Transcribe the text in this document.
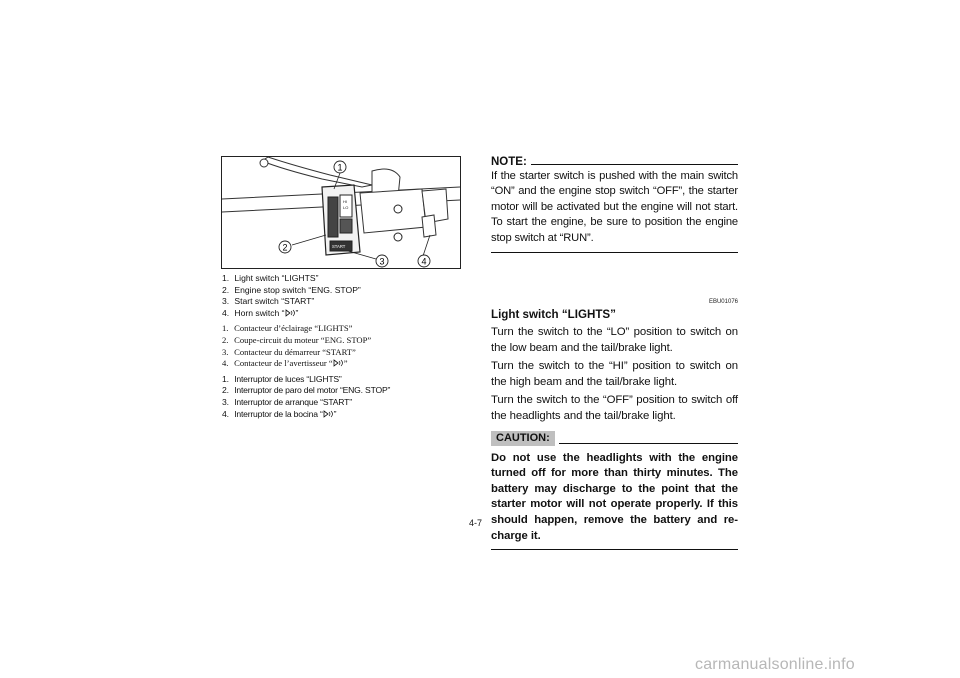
HI
LO
START
1
2
3	4
1. Light switch “LIGHTS”
2. Engine stop switch “ENG. STOP”
3. Start switch “START”
4. Horn switch “ ”
1. Contacteur d’éclairage “LIGHTS”
2. Coupe-circuit du moteur “ENG. STOP”
3. Contacteur du démarreur “START”
4. Contacteur de l’avertisseur “ ”
1. Interruptor de luces “LIGHTS”
2. Interruptor de paro del motor “ENG. STOP”
3. Interruptor de arranque “START”
4. Interruptor de la bocina “ ”
NOTE:
If the starter switch is pushed with the main switch “ON” and the engine stop switch “OFF”, the starter motor will be activated but the engine will not start. To start the engine, be sure to position the engine stop switch at “RUN”.
EBU01076
Light switch “LIGHTS”
Turn the switch to the “LO” position to switch on the low beam and the tail/brake light.
Turn the switch to the “HI” position to switch on the high beam and the tail/brake light.
Turn the switch to the “OFF” position to switch off the headlights and the tail/brake light.
CAUTION:
Do not use the headlights with the engine turned off for more than thirty minutes. The battery may discharge to the point that the starter motor will not operate properly. If this should happen, remove the battery and re-charge it.
4-7
carmanualsonline.info
